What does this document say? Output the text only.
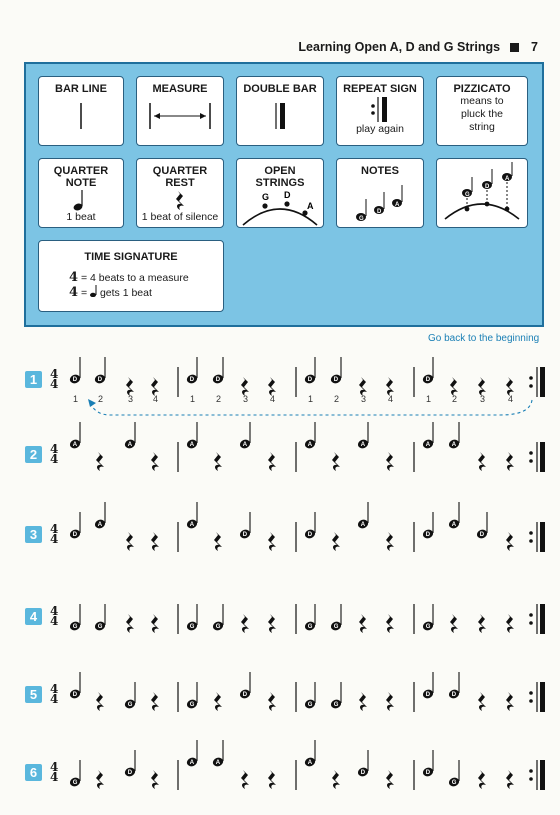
Learning Open A, D and G Strings 7
BAR LINE	MEASURE	DOUBLE BAR	REPEAT SIGN
play again
PIZZICATO
means to
pluck the
string
QUARTER
NOTE
1 beat
QUARTER
REST
1 beat of silence
OPEN
STRINGS
G D
A
NOTES
G
D
A
G
D
A
TIME SIGNATURE
4 = 4 beats to a measure
4 =  gets 1 beat
Go back to the beginning
1	4
4 D	D	D	D	D	D	D
1 2	3 4	1 2 3 4	1 2 3 4	1 2	3	4
2	4
4
A	A	A	A	A	A	A	A
3	4
4 D
A	A
D	D
A
D
A
D
4	4
4 G	G	G	G	G	G	G
5	4
4 D
G	G
D
G	G
D	D
6	4
4 G
D
A	A	A
D	D
G
